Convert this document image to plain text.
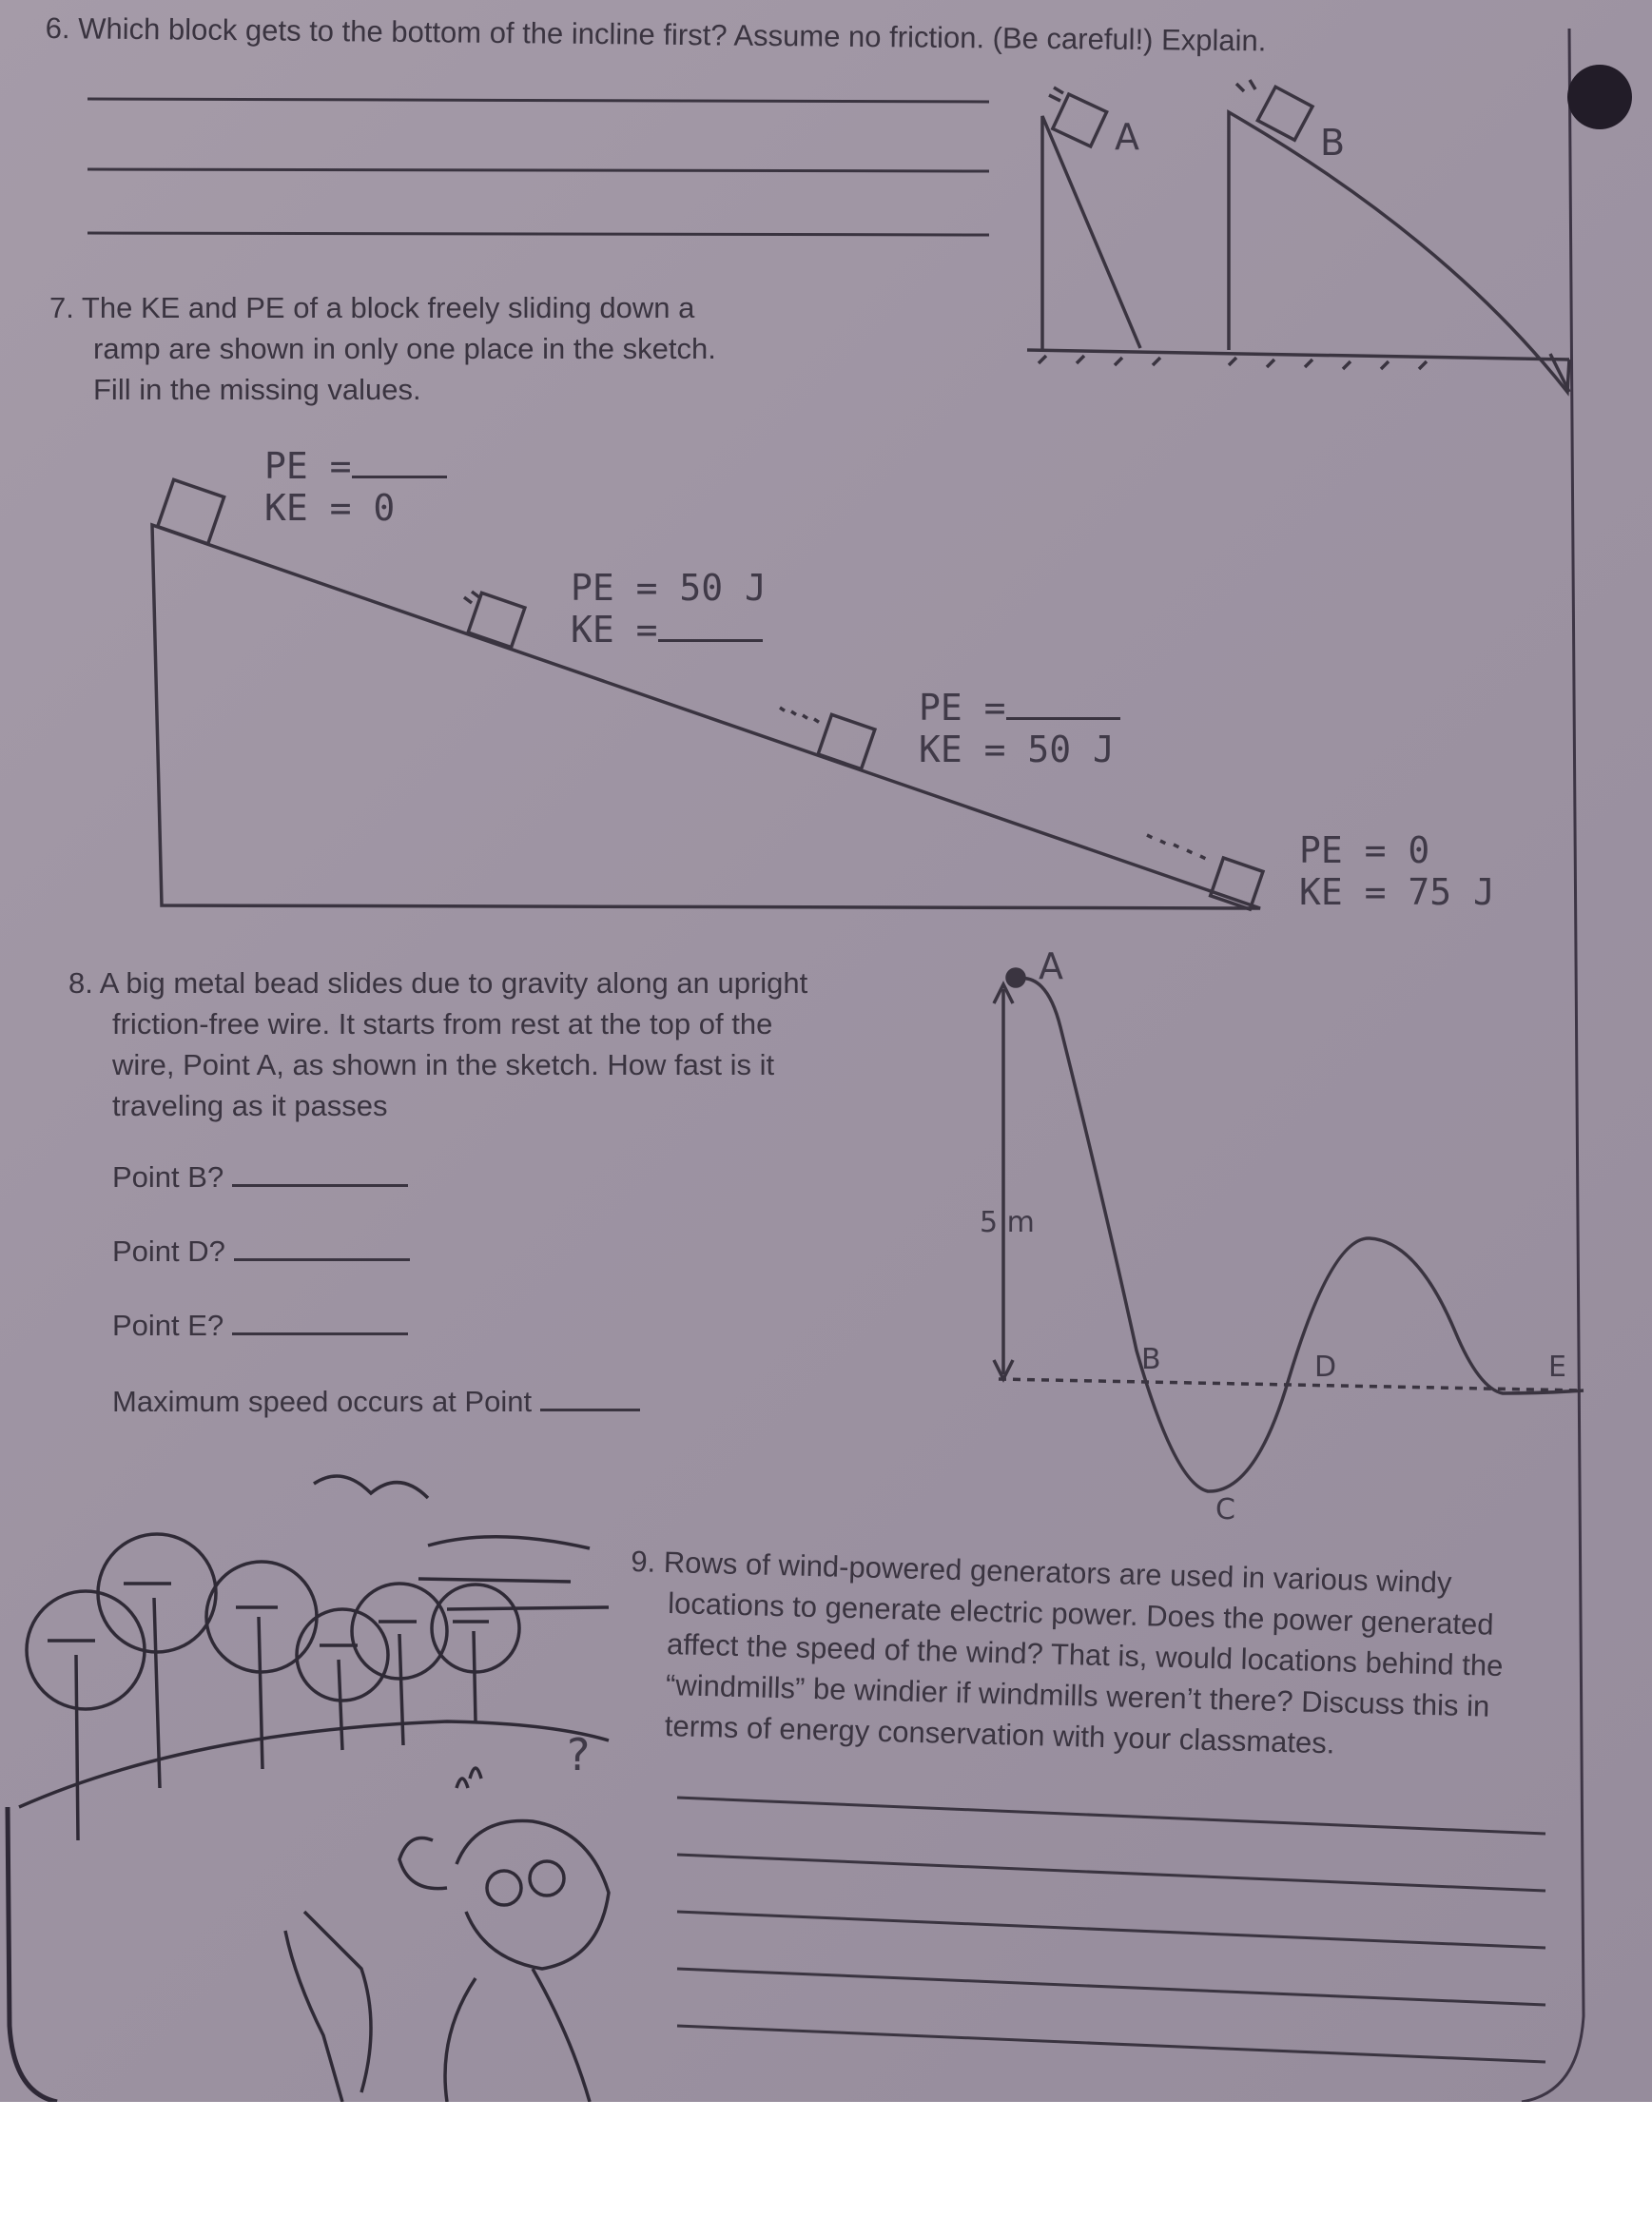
6. Which block gets to the bottom of the incline first? Assume no friction. (Be careful!) Explain.

A	B
7. The KE and PE of a block freely sliding down a
ramp are shown in only one place in the sketch.
Fill in the missing values.
PE =
KE = 0
PE = 50 J
KE =
PE =
KE = 50 J
PE = 0
KE = 75 J
8. A big metal bead slides due to gravity along an upright
friction-free wire. It starts from rest at the top of the
wire, Point A, as shown in the sketch. How fast is it
traveling as it passes
Point B?
Point D?
Point E?
Maximum speed occurs at Point
A
5 m
B
C
D	E
9. Rows of wind-powered generators are used in various windy
locations to generate electric power. Does the power generated
affect the speed of the wind? That is, would locations behind the
“windmills” be windier if windmills weren’t there? Discuss this in
terms of energy conservation with your classmates.
?
